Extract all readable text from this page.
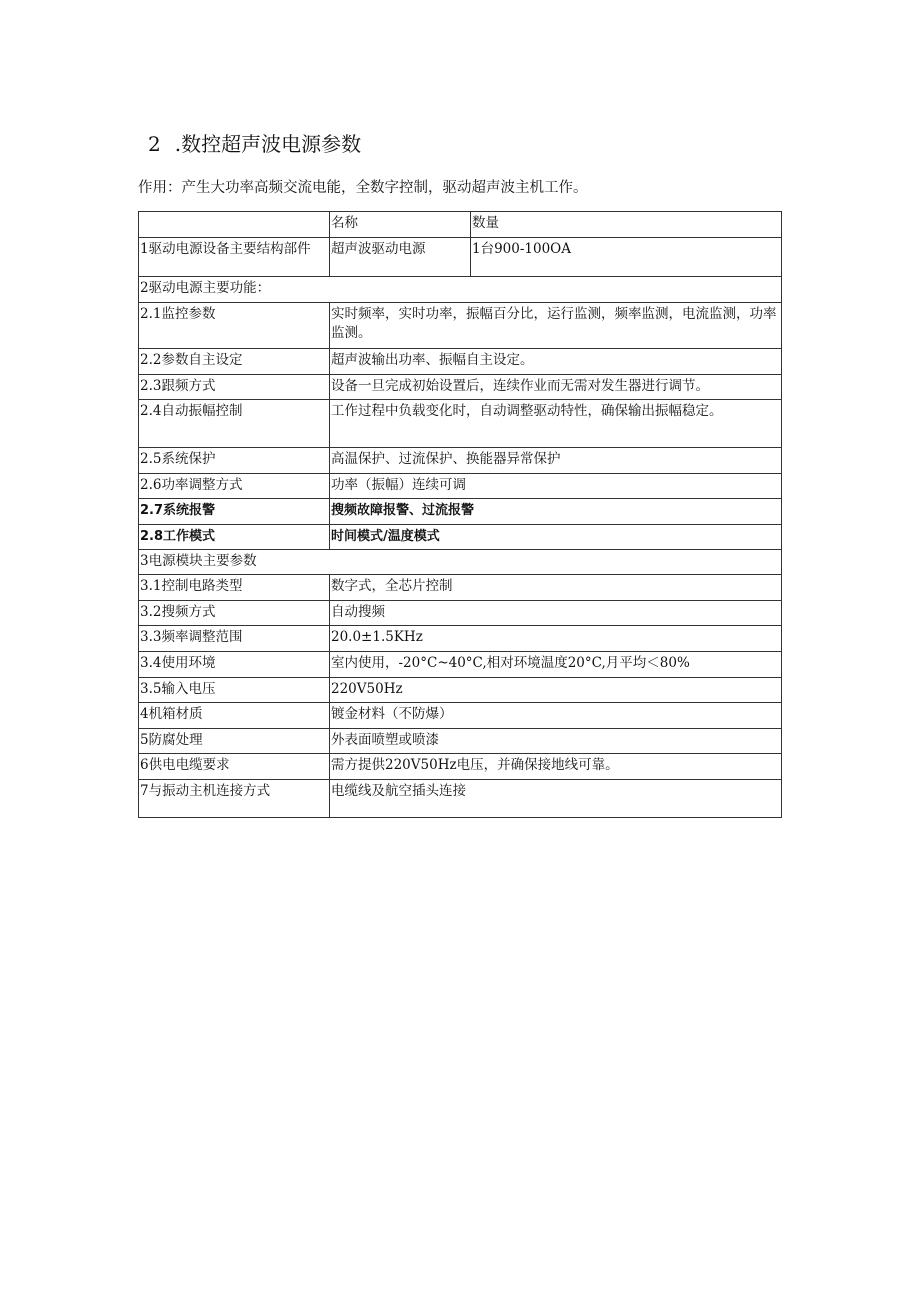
2 .数控超声波电源参数
作用：产生大功率高频交流电能，全数字控制，驱动超声波主机工作。
	名称	数量
1驱动电源设备主要结构部件	超声波驱动电源	1台900-100OA
2驱动电源主要功能：		
2.1监控参数	实时频率，实时功率，振幅百分比，运行监测，频率监测，电流监测，功率监测。	
2.2参数自主设定	超声波输出功率、振幅自主设定。	
2.3跟频方式	设备一旦完成初始设置后，连续作业而无需对发生器进行调节。	
2.4自动振幅控制	工作过程中负载变化时，自动调整驱动特性，确保输出振幅稳定。	
2.5系统保护	高温保护、过流保护、换能器异常保护	
2.6功率调整方式	功率（振幅）连续可调	
2.7系统报警	搜频故障报警、过流报警	
2.8工作模式	时间模式/温度模式	
3电源模块主要参数		
3.1控制电路类型	数字式，全芯片控制	
3.2搜频方式	自动搜频	
3.3频率调整范围	20.0±1.5KHz	
3.4使用环境	室内使用，-20°C~40°C,相对环境温度20°C,月平均＜80%	
3.5输入电压	220V50Hz	
4机箱材质	镀金材料（不防爆）	
5防腐处理	外表面喷塑或喷漆	
6供电电缆要求	需方提供220V50Hz电压，并确保接地线可靠。	
7与振动主机连接方式	电缆线及航空插头连接	
